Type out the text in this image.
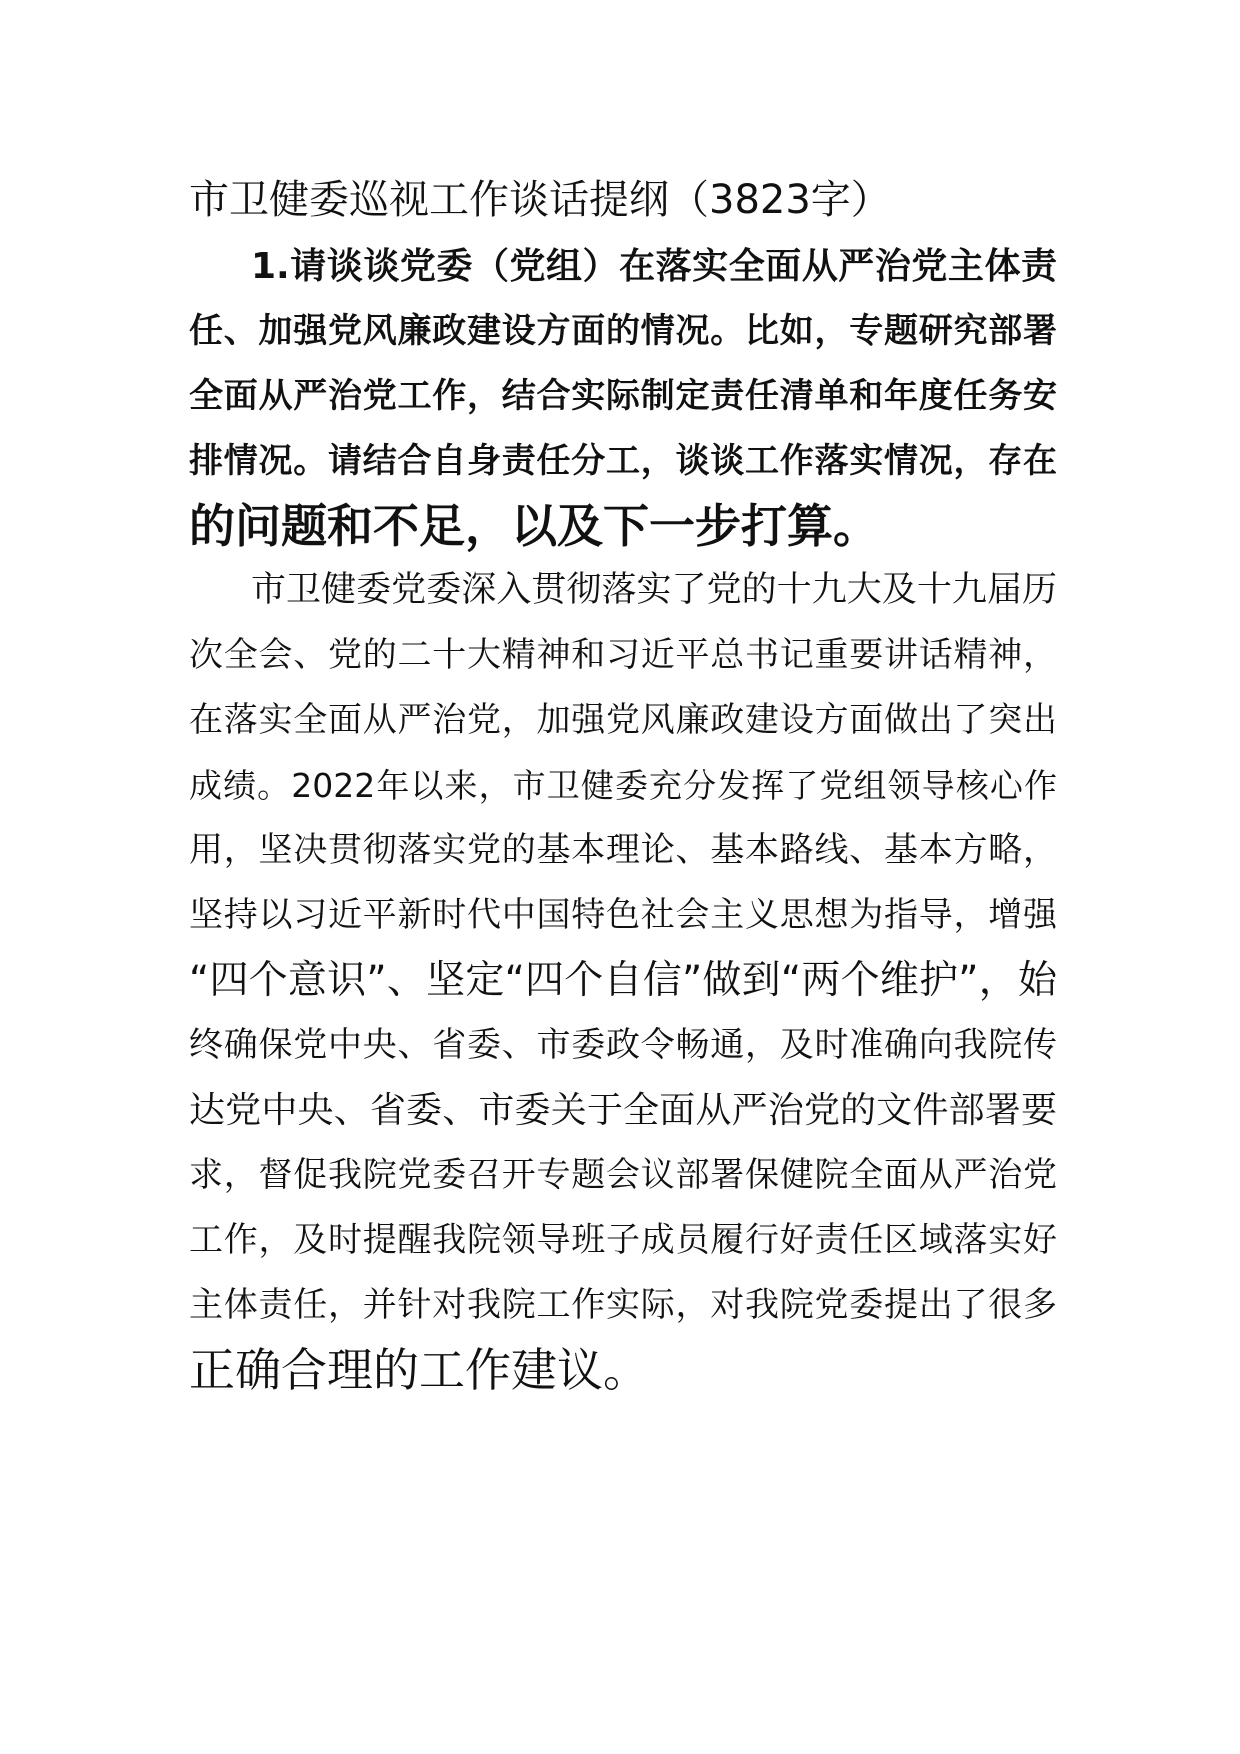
市卫健委巡视工作谈话提纲（3823字）
1.请谈谈党委（党组）在落实全面从严治党主体责
任、加强党风廉政建设方面的情况。比如，专题研究部署
全面从严治党工作，结合实际制定责任清单和年度任务安
排情况。请结合自身责任分工，谈谈工作落实情况，存在
的问题和不足，以及下一步打算。
市卫健委党委深入贯彻落实了党的十九大及十九届历
次全会、党的二十大精神和习近平总书记重要讲话精神，
在落实全面从严治党，加强党风廉政建设方面做出了突出
成绩。2022年以来，市卫健委充分发挥了党组领导核心作
用，坚决贯彻落实党的基本理论、基本路线、基本方略，
坚持以习近平新时代中国特色社会主义思想为指导，增强
“四个意识”、坚定“四个自信”做到“两个维护”，始
终确保党中央、省委、市委政令畅通，及时准确向我院传
达党中央、省委、市委关于全面从严治党的文件部署要
求，督促我院党委召开专题会议部署保健院全面从严治党
工作，及时提醒我院领导班子成员履行好责任区域落实好
主体责任，并针对我院工作实际，对我院党委提出了很多
正确合理的工作建议。
